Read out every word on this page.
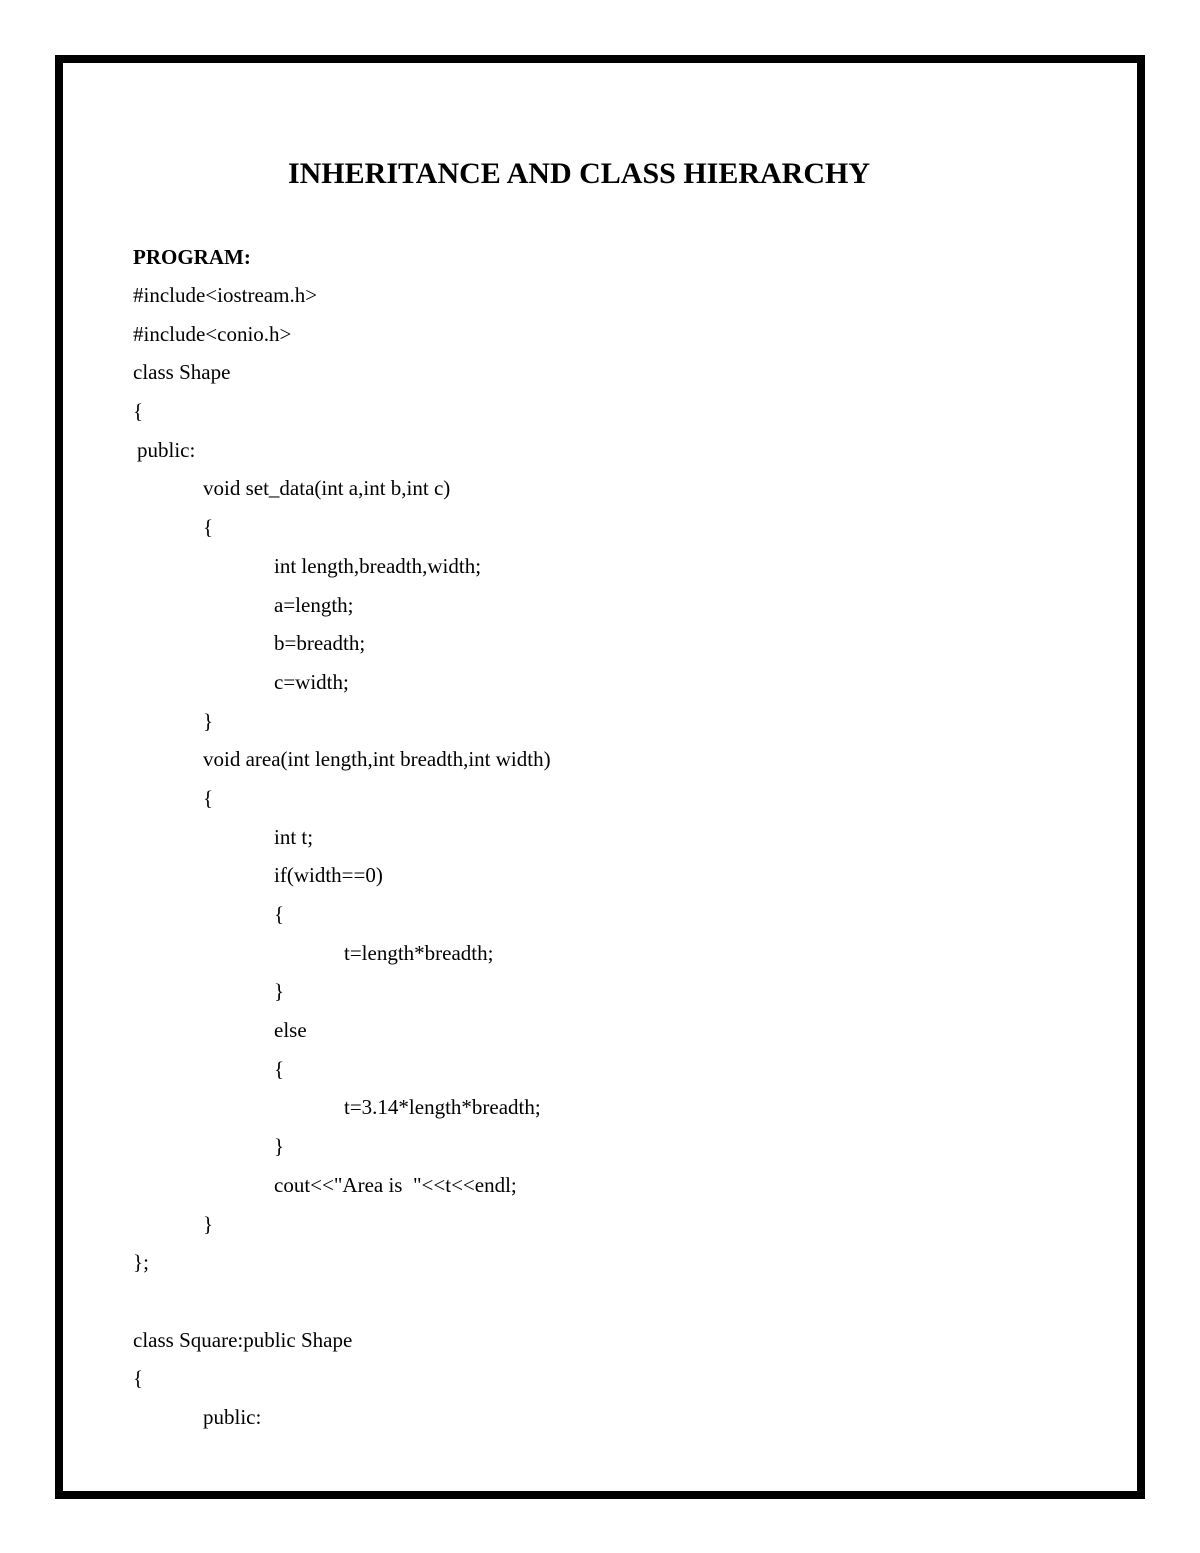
INHERITANCE AND CLASS HIERARCHY
PROGRAM:
#include<iostream.h>
#include<conio.h>
class Shape
{
public:
void set_data(int a,int b,int c)
{
int length,breadth,width;
a=length;
b=breadth;
c=width;
}
void area(int length,int breadth,int width)
{
int t;
if(width==0)
{
t=length*breadth;
}
else
{
t=3.14*length*breadth;
}
cout<<"Area is  "<<t<<endl;
}
};
class Square:public Shape
{
public:
